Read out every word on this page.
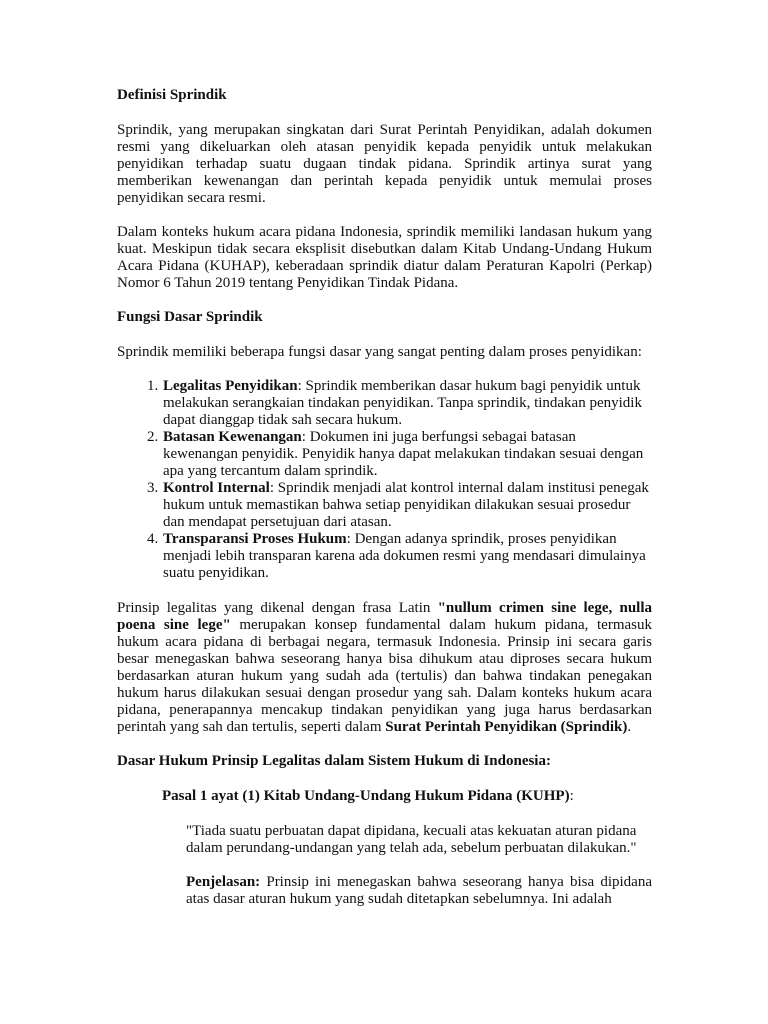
Definisi Sprindik

Sprindik, yang merupakan singkatan dari Surat Perintah Penyidikan, adalah dokumen resmi yang dikeluarkan oleh atasan penyidik kepada penyidik untuk melakukan penyidikan terhadap suatu dugaan tindak pidana. Sprindik artinya surat yang memberikan kewenangan dan perintah kepada penyidik untuk memulai proses penyidikan secara resmi.

Dalam konteks hukum acara pidana Indonesia, sprindik memiliki landasan hukum yang kuat. Meskipun tidak secara eksplisit disebutkan dalam Kitab Undang-Undang Hukum Acara Pidana (KUHAP), keberadaan sprindik diatur dalam Peraturan Kapolri (Perkap) Nomor 6 Tahun 2019 tentang Penyidikan Tindak Pidana.

Fungsi Dasar Sprindik

Sprindik memiliki beberapa fungsi dasar yang sangat penting dalam proses penyidikan:

1. Legalitas Penyidikan: Sprindik memberikan dasar hukum bagi penyidik untuk melakukan serangkaian tindakan penyidikan. Tanpa sprindik, tindakan penyidik dapat dianggap tidak sah secara hukum.
2. Batasan Kewenangan: Dokumen ini juga berfungsi sebagai batasan kewenangan penyidik. Penyidik hanya dapat melakukan tindakan sesuai dengan apa yang tercantum dalam sprindik.
3. Kontrol Internal: Sprindik menjadi alat kontrol internal dalam institusi penegak hukum untuk memastikan bahwa setiap penyidikan dilakukan sesuai prosedur dan mendapat persetujuan dari atasan.
4. Transparansi Proses Hukum: Dengan adanya sprindik, proses penyidikan menjadi lebih transparan karena ada dokumen resmi yang mendasari dimulainya suatu penyidikan.

Prinsip legalitas yang dikenal dengan frasa Latin "nullum crimen sine lege, nulla poena sine lege" merupakan konsep fundamental dalam hukum pidana, termasuk hukum acara pidana di berbagai negara, termasuk Indonesia. Prinsip ini secara garis besar menegaskan bahwa seseorang hanya bisa dihukum atau diproses secara hukum berdasarkan aturan hukum yang sudah ada (tertulis) dan bahwa tindakan penegakan hukum harus dilakukan sesuai dengan prosedur yang sah. Dalam konteks hukum acara pidana, penerapannya mencakup tindakan penyidikan yang juga harus berdasarkan perintah yang sah dan tertulis, seperti dalam Surat Perintah Penyidikan (Sprindik).

Dasar Hukum Prinsip Legalitas dalam Sistem Hukum di Indonesia:

Pasal 1 ayat (1) Kitab Undang-Undang Hukum Pidana (KUHP):

"Tiada suatu perbuatan dapat dipidana, kecuali atas kekuatan aturan pidana dalam perundang-undangan yang telah ada, sebelum perbuatan dilakukan."

Penjelasan: Prinsip ini menegaskan bahwa seseorang hanya bisa dipidana atas dasar aturan hukum yang sudah ditetapkan sebelumnya. Ini adalah
